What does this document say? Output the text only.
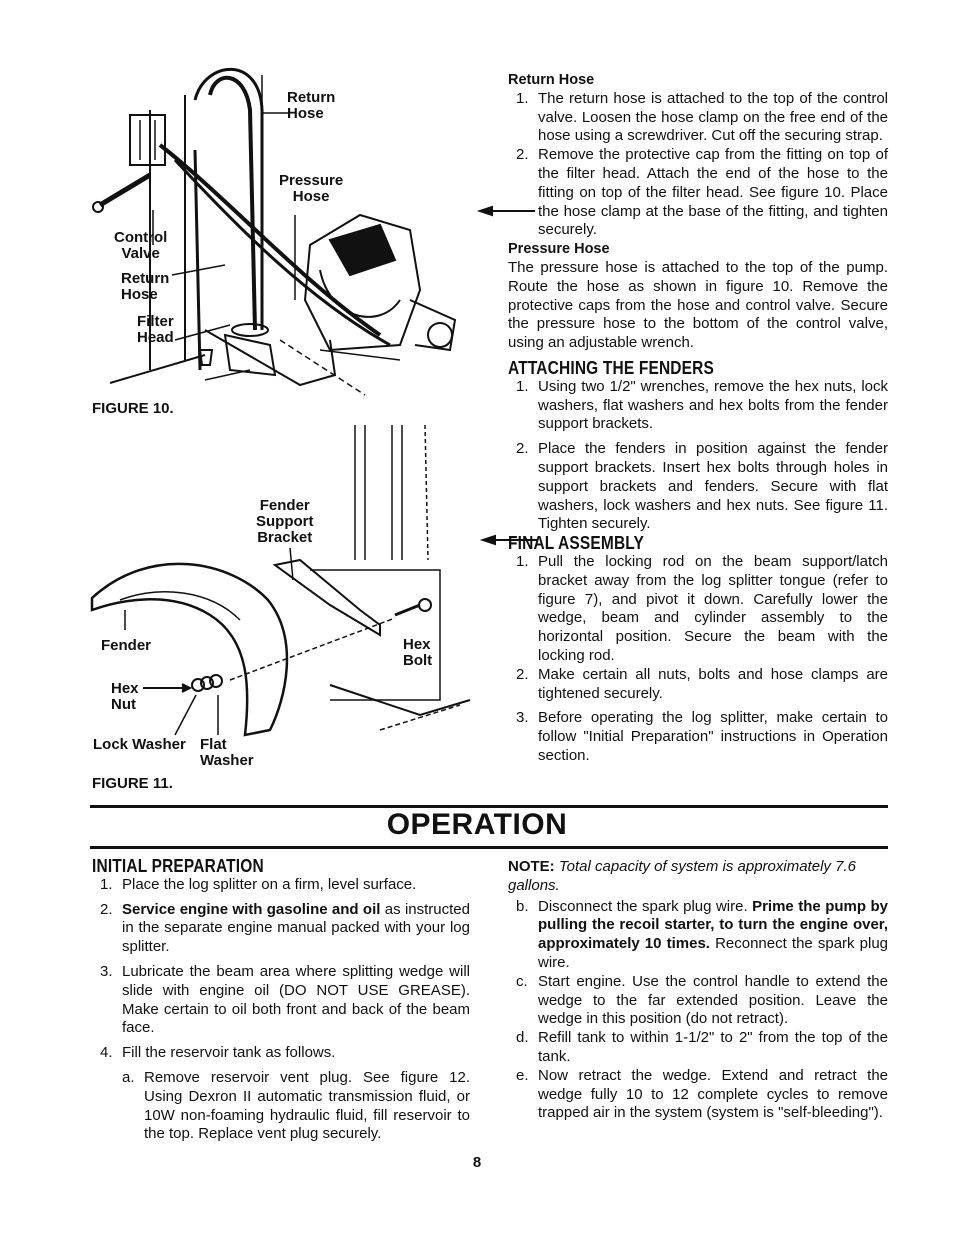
Return
Hose
Pressure
Hose
Control
Valve
Return
Hose
Filter
Head
FIGURE 10.
Fender
Support
Bracket
Fender	Hex
Bolt
Hex
Nut
Lock Washer Flat
Washer
FIGURE 11.
Return Hose
1. The return hose is attached to the top of the control valve. Loosen the hose clamp on the free end of the hose using a screwdriver. Cut off the securing strap.
2. Remove the protective cap from the fitting on top of the filter head. Attach the end of the hose to the fitting on top of the filter head. See figure 10. Place the hose clamp at the base of the fitting, and tighten securely.
Pressure Hose

The pressure hose is attached to the top of the pump. Route the hose as shown in figure 10. Remove the protective caps from the hose and control valve. Secure the pressure hose to the bottom of the control valve, using an adjustable wrench.

ATTACHING THE FENDERS
1. Using two 1/2" wrenches, remove the hex nuts, lock washers, flat washers and hex bolts from the fender support brackets.
2. Place the fenders in position against the fender support brackets. Insert hex bolts through holes in support brackets and fenders. Secure with flat washers, lock washers and hex nuts. See figure 11. Tighten securely.
FINAL ASSEMBLY
1. Pull the locking rod on the beam support/latch bracket away from the log splitter tongue (refer to figure 7), and pivot it down. Carefully lower the wedge, beam and cylinder assembly to the horizontal position. Secure the beam with the locking rod.
2. Make certain all nuts, bolts and hose clamps are tightened securely.
3. Before operating the log splitter, make certain to follow "Initial Preparation" instructions in Operation section.
OPERATION
INITIAL PREPARATION
1. Place the log splitter on a firm, level surface.
2. Service engine with gasoline and oil as instructed in the separate engine manual packed with your log splitter.
3. Lubricate the beam area where splitting wedge will slide with engine oil (DO NOT USE GREASE). Make certain to oil both front and back of the beam face.
4. Fill the reservoir tank as follows.
a. Remove reservoir vent plug. See figure 12. Using Dexron II automatic transmission fluid, or 10W non-foaming hydraulic fluid, fill reservoir to the top. Replace vent plug securely.

NOTE: Total capacity of system is approximately 7.6 gallons.

b. Disconnect the spark plug wire. Prime the pump by pulling the recoil starter, to turn the engine over, approximately 10 times. Reconnect the spark plug wire.
c. Start engine. Use the control handle to extend the wedge to the far extended position. Leave the wedge in this position (do not retract).
d. Refill tank to within 1-1/2" to 2" from the top of the tank.
e. Now retract the wedge. Extend and retract the wedge fully 10 to 12 complete cycles to remove trapped air in the system (system is "self-bleeding").
8
